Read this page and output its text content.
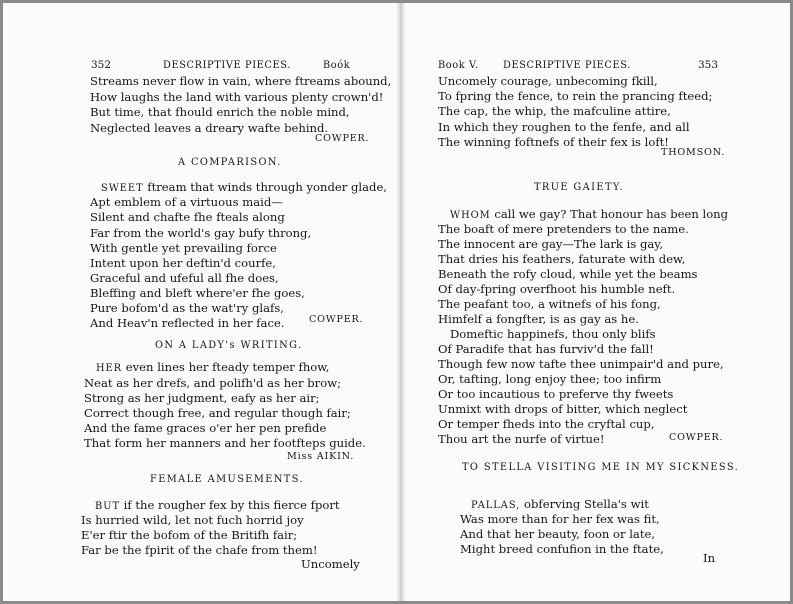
352	DESCRIPTIVE PIECES.	Boók
Streams never flow in vain, where ftreams abound,
How laughs the land with various plenty crown'd!
But time, that fhould enrich the noble mind,
Neglected leaves a dreary wafte behind.
COWPER.
A COMPARISON.
SWEET ftream that winds through yonder glade,
Apt emblem of a virtuous maid—
Silent and chafte fhe fteals along
Far from the world's gay bufy throng,
With gentle yet prevailing force
Intent upon her deftin'd courfe,
Graceful and ufeful all fhe does,
Bleffing and bleft where'er fhe goes,
Pure bofom'd as the wat'ry glafs,
And Heav'n reflected in her face.	COWPER.
ON A LADY's WRITING.
HER even lines her fteady temper fhow,
Neat as her drefs, and polifh'd as her brow;
Strong as her judgment, eafy as her air;
Correct though free, and regular though fair;
And the fame graces o'er her pen prefide
That form her manners and her footfteps guide.
Miss AIKIN.
FEMALE AMUSEMENTS.
BUT if the rougher fex by this fierce fport
Is hurried wild, let not fuch horrid joy
E'er ftir the bofom of the Britifh fair;
Far be the fpirit of the chafe from them!
Uncomely
Book V. DESCRIPTIVE PIECES.	353
Uncomely courage, unbecoming fkill,
To fpring the fence, to rein the prancing fteed;
The cap, the whip, the mafculine attire,
In which they roughen to the fenfe, and all
The winning foftnefs of their fex is loft!
THOMSON.
TRUE GAIETY.
WHOM call we gay? That honour has been long
The boaft of mere pretenders to the name.
The innocent are gay—The lark is gay,
That dries his feathers, faturate with dew,
Beneath the rofy cloud, while yet the beams
Of day-fpring overfhoot his humble neft.
The peafant too, a witnefs of his fong,
Himfelf a fongfter, is as gay as he.
Domeftic happinefs, thou only blifs
Of Paradife that has furviv'd the fall!
Though few now tafte thee unimpair'd and pure,
Or, tafting, long enjoy thee; too infirm
Or too incautious to preferve thy fweets
Unmixt with drops of bitter, which neglect
Or temper fheds into the cryftal cup,
Thou art the nurfe of virtue!	COWPER.
TO STELLA VISITING ME IN MY SICKNESS.
PALLAS, obferving Stella's wit
Was more than for her fex was fit,
And that her beauty, foon or late,
Might breed confufion in the ftate,
In
